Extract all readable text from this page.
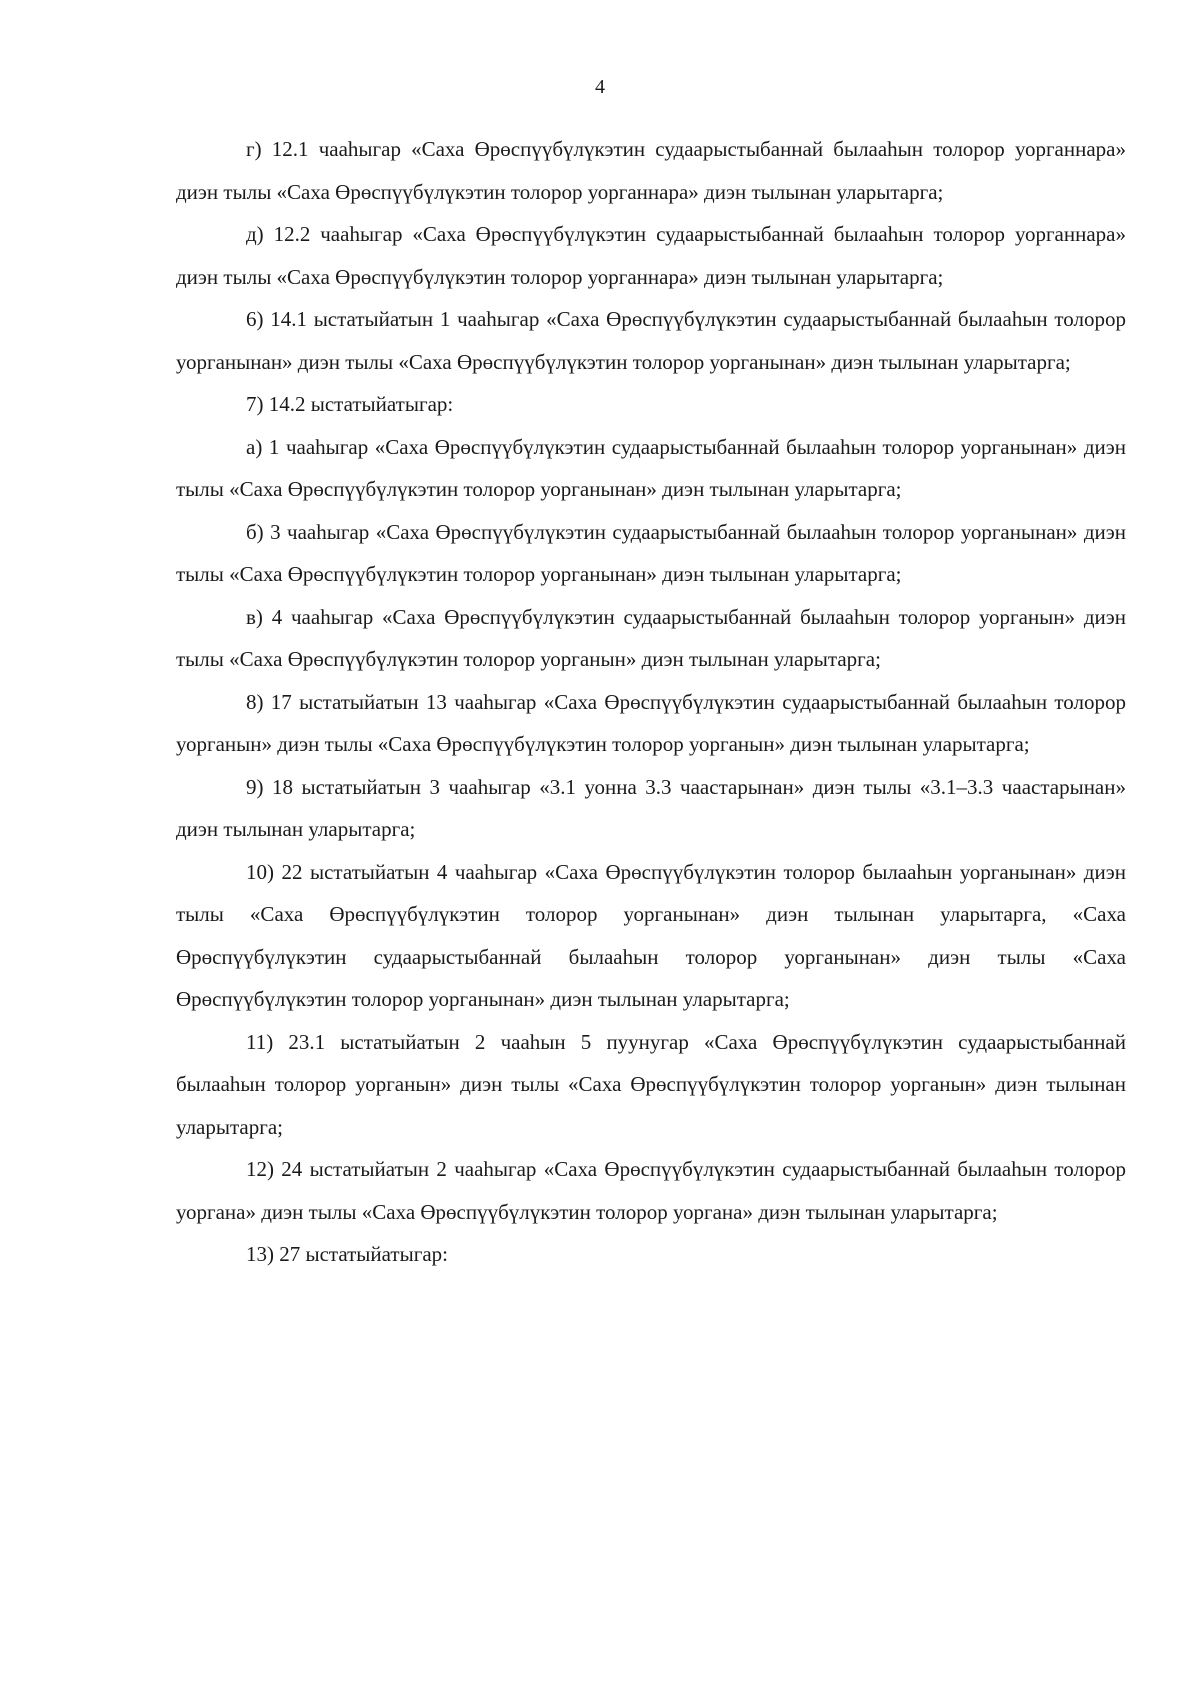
4

г) 12.1 чааһыгар «Саха Өрөспүүбүлүкэтин судаарыстыбаннай былааһын толорор уорганнара» диэн тылы «Саха Өрөспүүбүлүкэтин толорор уорганнара» диэн тылынан уларытарга;

д) 12.2 чааһыгар «Саха Өрөспүүбүлүкэтин судаарыстыбаннай былааһын толорор уорганнара» диэн тылы «Саха Өрөспүүбүлүкэтин толорор уорганнара» диэн тылынан уларытарга;

6) 14.1 ыстатыйатын 1 чааһыгар «Саха Өрөспүүбүлүкэтин судаарыстыбаннай былааһын толорор уорганынан» диэн тылы «Саха Өрөспүүбүлүкэтин толорор уорганынан» диэн тылынан уларытарга;

7) 14.2 ыстатыйатыгар:

а) 1 чааһыгар «Саха Өрөспүүбүлүкэтин судаарыстыбаннай былааһын толорор уорганынан» диэн тылы «Саха Өрөспүүбүлүкэтин толорор уорганынан» диэн тылынан уларытарга;

б) 3 чааһыгар «Саха Өрөспүүбүлүкэтин судаарыстыбаннай былааһын толорор уорганынан» диэн тылы «Саха Өрөспүүбүлүкэтин толорор уорганынан» диэн тылынан уларытарга;

в) 4 чааһыгар «Саха Өрөспүүбүлүкэтин судаарыстыбаннай былааһын толорор уорганын» диэн тылы «Саха Өрөспүүбүлүкэтин толорор уорганын» диэн тылынан уларытарга;

8) 17 ыстатыйатын 13 чааһыгар «Саха Өрөспүүбүлүкэтин судаарыстыбаннай былааһын толорор уорганын» диэн тылы «Саха Өрөспүүбүлүкэтин толорор уорганын» диэн тылынан уларытарга;

9) 18 ыстатыйатын 3 чааһыгар «3.1 уонна 3.3 чаастарынан» диэн тылы «3.1–3.3 чаастарынан» диэн тылынан уларытарга;

10) 22 ыстатыйатын 4 чааһыгар «Саха Өрөспүүбүлүкэтин толорор былааһын уорганынан» диэн тылы «Саха Өрөспүүбүлүкэтин толорор уорганынан» диэн тылынан уларытарга, «Саха Өрөспүүбүлүкэтин судаарыстыбаннай былааһын толорор уорганынан» диэн тылы «Саха Өрөспүүбүлүкэтин толорор уорганынан» диэн тылынан уларытарга;

11) 23.1 ыстатыйатын 2 чааһын 5 пуунугар «Саха Өрөспүүбүлүкэтин судаарыстыбаннай былааһын толорор уорганын» диэн тылы «Саха Өрөспүүбүлүкэтин толорор уорганын» диэн тылынан уларытарга;

12) 24 ыстатыйатын 2 чааһыгар «Саха Өрөспүүбүлүкэтин судаарыстыбаннай былааһын толорор уоргана» диэн тылы «Саха Өрөспүүбүлүкэтин толорор уоргана» диэн тылынан уларытарга;

13) 27 ыстатыйатыгар:
